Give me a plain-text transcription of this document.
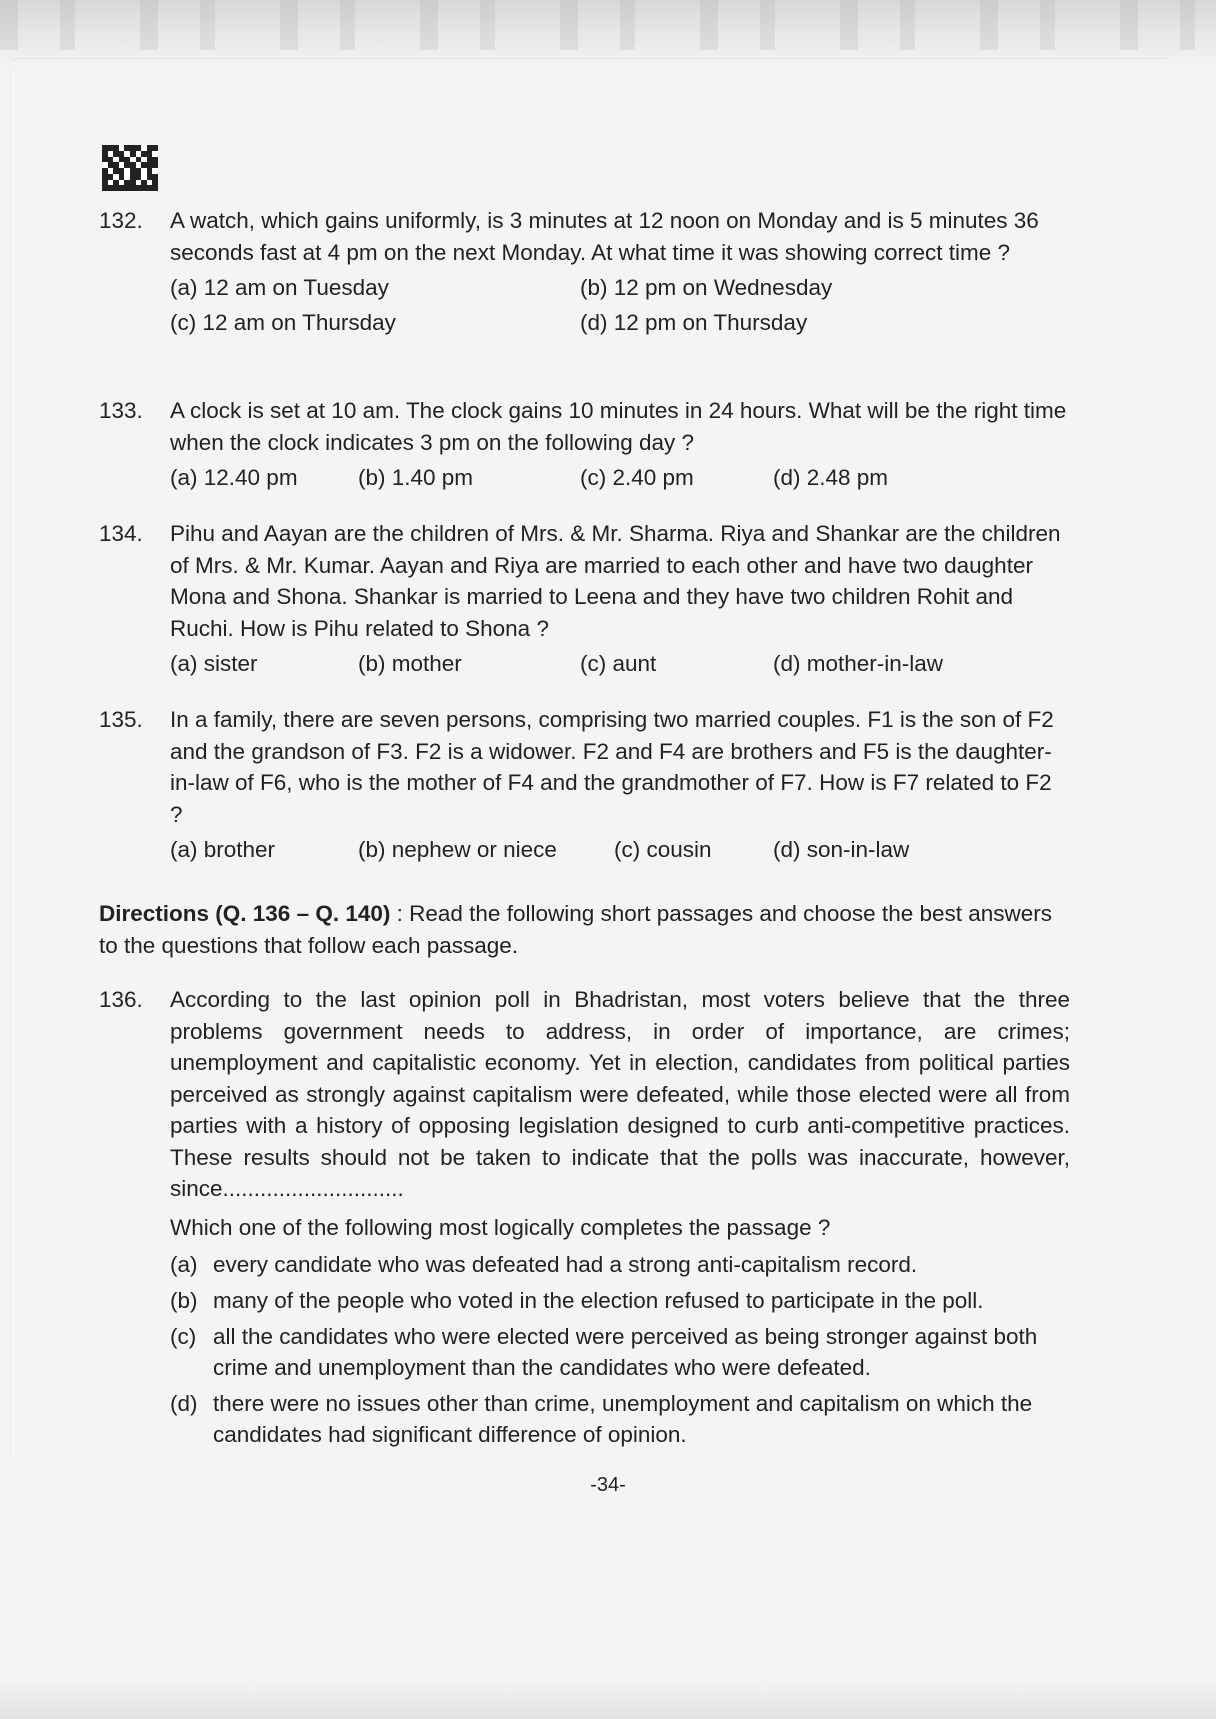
132.	A watch, which gains uniformly, is 3 minutes at 12 noon on Monday and is 5 minutes 36 seconds fast at 4 pm on the next Monday. At what time it was showing correct time ?
(a) 12 am on Tuesday	(b) 12 pm on Wednesday
(c) 12 am on Thursday	(d) 12 pm on Thursday
133.	A clock is set at 10 am. The clock gains 10 minutes in 24 hours. What will be the right time when the clock indicates 3 pm on the following day ?
(a) 12.40 pm	(b) 1.40 pm	(c) 2.40 pm	(d) 2.48 pm
134.	Pihu and Aayan are the children of Mrs. & Mr. Sharma. Riya and Shankar are the children of Mrs. & Mr. Kumar. Aayan and Riya are married to each other and have two daughter Mona and Shona. Shankar is married to Leena and they have two children Rohit and Ruchi. How is Pihu related to Shona ?
(a) sister	(b) mother	(c) aunt	(d) mother-in-law
135.	In a family, there are seven persons, comprising two married couples. F1 is the son of F2 and the grandson of F3. F2 is a widower. F2 and F4 are brothers and F5 is the daughter-in-law of F6, who is the mother of F4 and the grandmother of F7. How is F7 related to F2 ?
(a) brother	(b) nephew or niece	(c) cousin	(d) son-in-law
Directions (Q. 136 – Q. 140) : Read the following short passages and choose the best answers to the questions that follow each passage.
136.	According to the last opinion poll in Bhadristan, most voters believe that the three problems government needs to address, in order of importance, are crimes; unemployment and capitalistic economy. Yet in election, candidates from political parties perceived as strongly against capitalism were defeated, while those elected were all from parties with a history of opposing legislation designed to curb anti-competitive practices. These results should not be taken to indicate that the polls was inaccurate, however, since.............................
Which one of the following most logically completes the passage ?
(a) every candidate who was defeated had a strong anti-capitalism record.
(b) many of the people who voted in the election refused to participate in the poll.
(c) all the candidates who were elected were perceived as being stronger against both crime and unemployment than the candidates who were defeated.
(d) there were no issues other than crime, unemployment and capitalism on which the candidates had significant difference of opinion.
-34-
